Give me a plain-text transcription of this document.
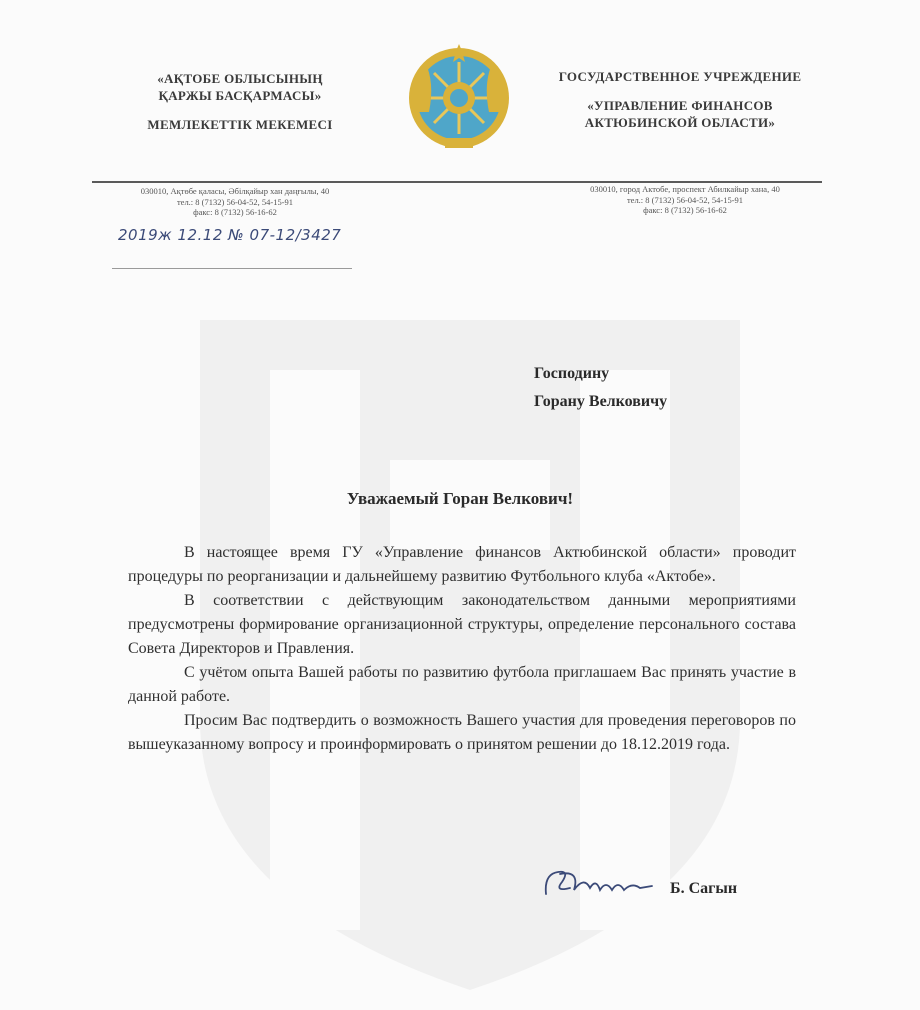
«АҚТОБЕ ОБЛЫСЫНЫҢ
ҚАРЖЫ БАСҚАРМАСЫ»
МЕМЛЕКЕТТІК МЕКЕМЕСІ
ГОСУДАРСТВЕННОЕ УЧРЕЖДЕНИЕ
«УПРАВЛЕНИЕ ФИНАНСОВ
АКТЮБИНСКОЙ ОБЛАСТИ»
030010, Ақтөбе қаласы, Әбілқайыр хан даңғылы, 40
тел.: 8 (7132) 56-04-52, 54-15-91
факс: 8 (7132) 56-16-62
030010, город Актобе, проспект Абилкайыр хана, 40
тел.: 8 (7132) 56-04-52, 54-15-91
факс: 8 (7132) 56-16-62
2019ж 12.12 № 07-12/3427
Господину
Горану Велковичу
Уважаемый Горан Велкович!

В настоящее время ГУ «Управление финансов Актюбинской области» проводит процедуры по реорганизации и дальнейшему развитию Футбольного клуба «Актобе».

В соответствии с действующим законодательством данными мероприятиями предусмотрены формирование организационной структуры, определение персонального состава Совета Директоров и Правления.

С учётом опыта Вашей работы по развитию футбола приглашаем Вас принять участие в данной работе.

Просим Вас подтвердить о возможность Вашего участия для проведения переговоров по вышеуказанному вопросу и проинформировать о принятом решении до 18.12.2019 года.

Б. Сагын
